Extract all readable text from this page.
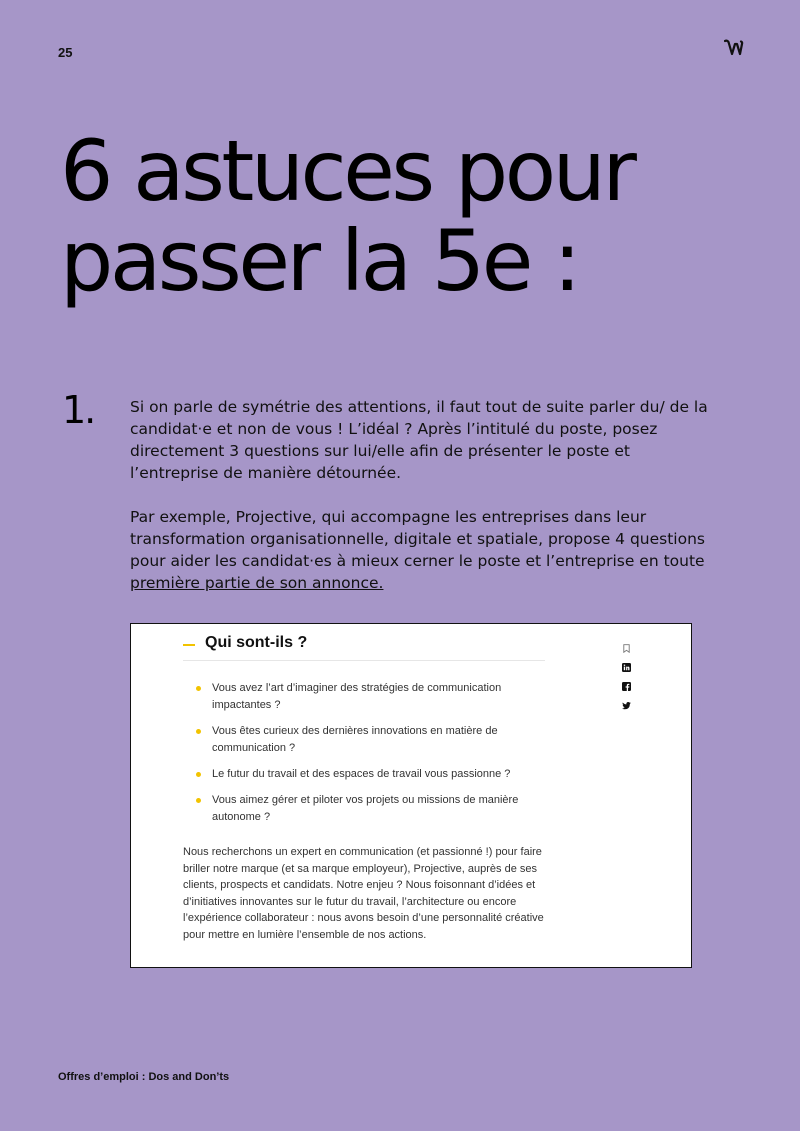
25
6 astuces pour
passer la 5e :
1. Si on parle de symétrie des attentions, il faut tout de suite parler du/ de la candidat·e et non de vous ! L’idéal ? Après l’intitulé du poste, posez directement 3 questions sur lui/elle afin de présenter le poste et l’entreprise de manière détournée.

Par exemple, Projective, qui accompagne les entreprises dans leur transformation organisationnelle, digitale et spatiale, propose 4 questions pour aider les candidat·es à mieux cerner le poste et l’entreprise en toute première partie de son annonce.

Qui sont-ils ?
Vous avez l’art d’imaginer des stratégies de communication impactantes ?
Vous êtes curieux des dernières innovations en matière de communication ?
Le futur du travail et des espaces de travail vous passionne ?
Vous aimez gérer et piloter vos projets ou missions de manière autonome ?

Nous recherchons un expert en communication (et passionné !) pour faire briller notre marque (et sa marque employeur), Projective, auprès de ses clients, prospects et candidats. Notre enjeu ? Nous foisonnant d’idées et d’initiatives innovantes sur le futur du travail, l’architecture ou encore l’expérience collaborateur : nous avons besoin d’une personnalité créative pour mettre en lumière l’ensemble de nos actions.

Offres d’emploi : Dos and Don’ts
